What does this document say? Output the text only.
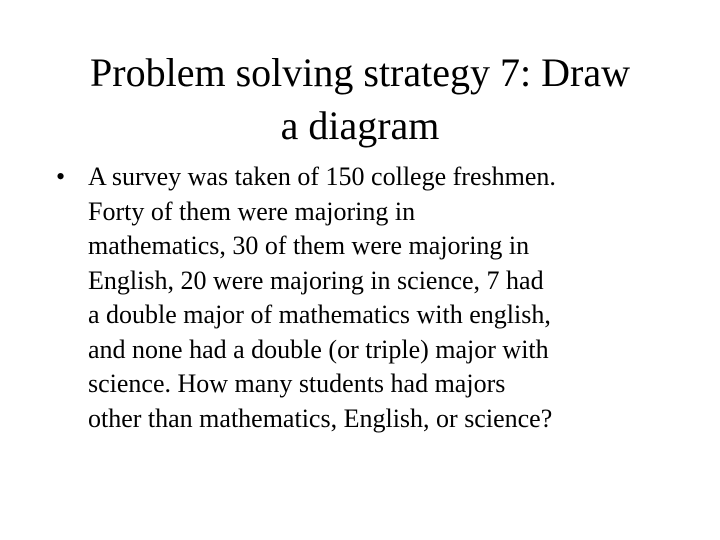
Problem solving strategy 7: Draw
a diagram
• A survey was taken of 150 college freshmen.
Forty of them were majoring in
mathematics, 30 of them were majoring in
English, 20 were majoring in science, 7 had
a double major of mathematics with english,
and none had a double (or triple) major with
science. How many students had majors
other than mathematics, English, or science?
